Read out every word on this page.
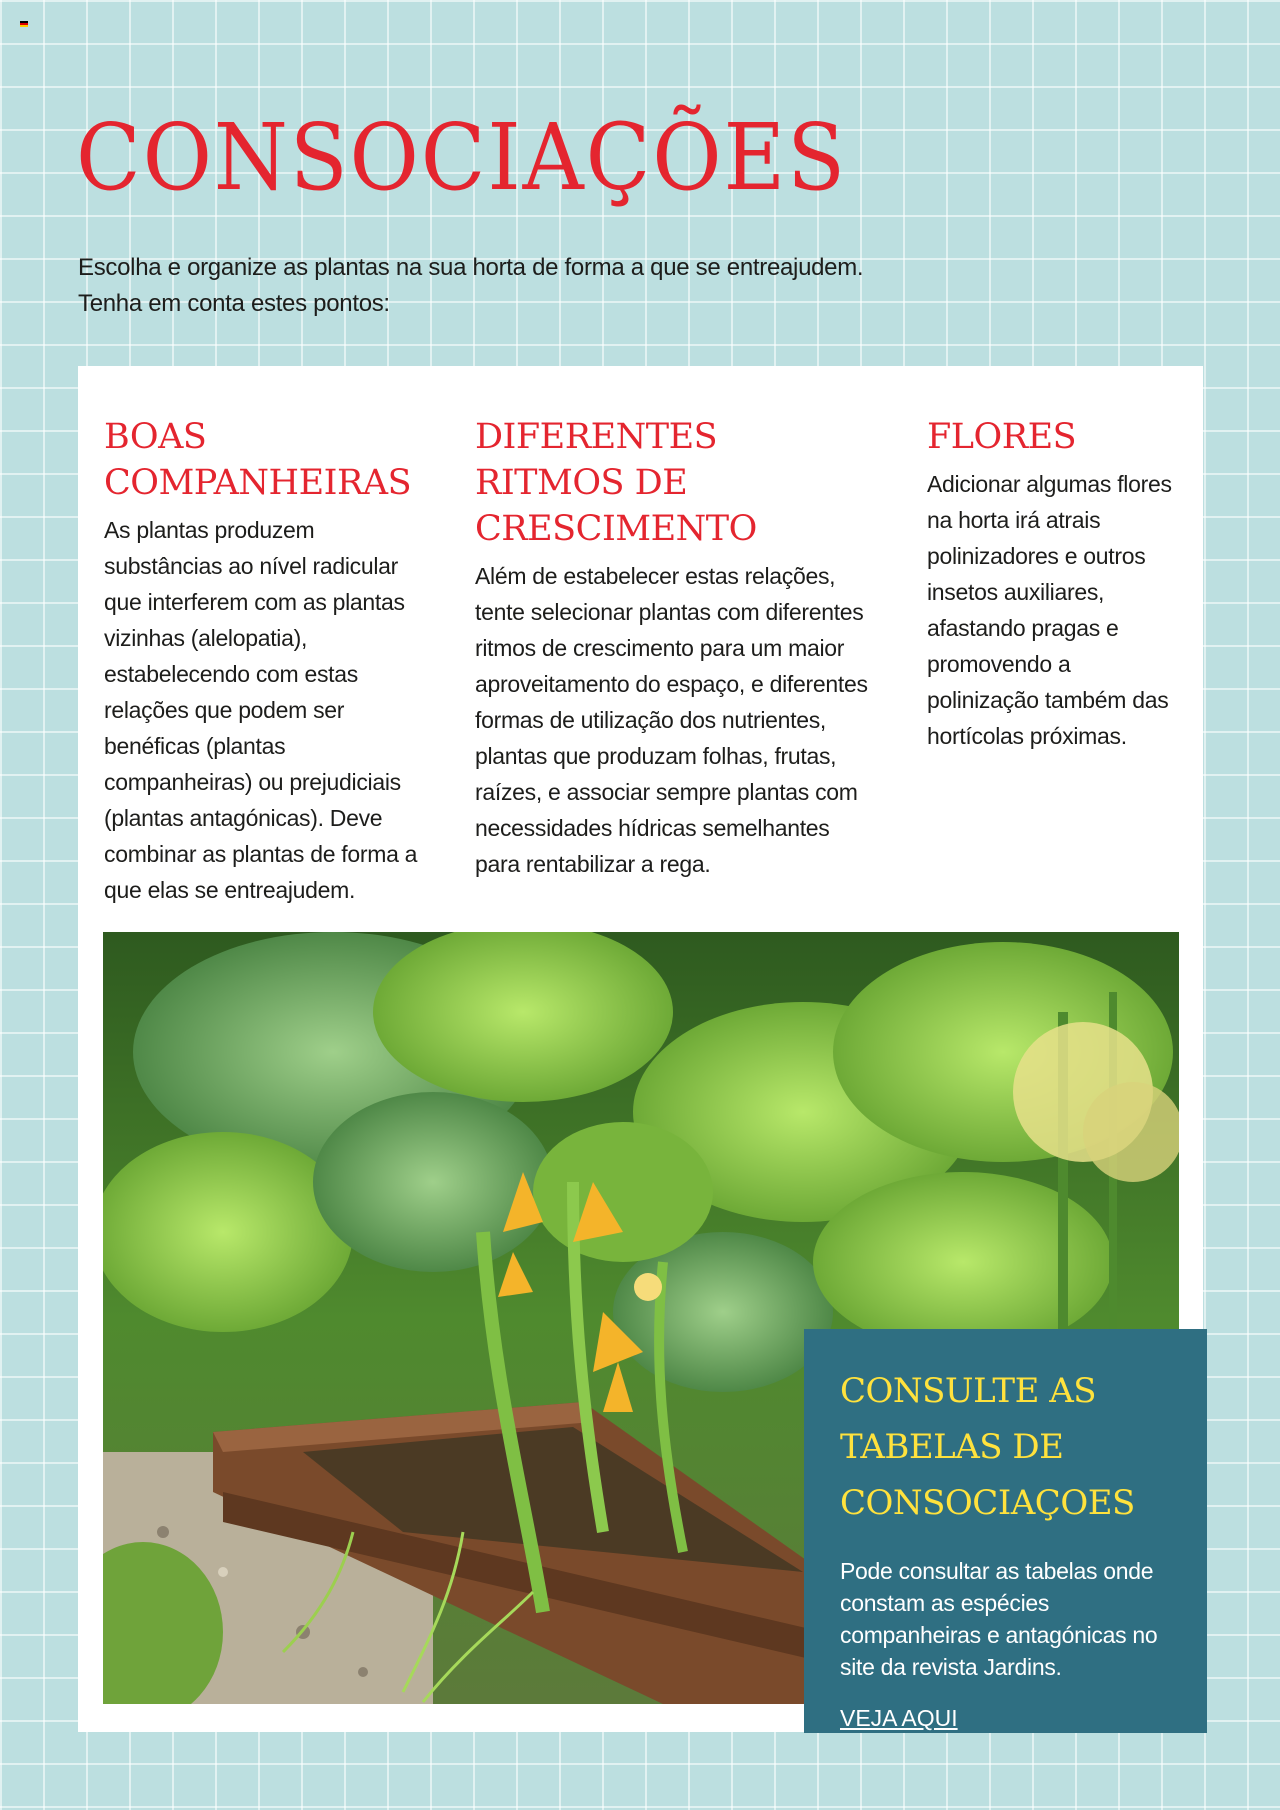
CONSOCIAÇÕES

Escolha e organize as plantas na sua horta de forma a que se entreajudem.
Tenha em conta estes pontos:

BOAS COMPANHEIRAS

As plantas produzem substâncias ao nível radicular que interferem com as plantas vizinhas (alelopatia), estabelecendo com estas relações que podem ser benéficas (plantas companheiras) ou prejudiciais (plantas antagónicas). Deve combinar as plantas de forma a que elas se entreajudem.

DIFERENTES RITMOS DE CRESCIMENTO

Além de estabelecer estas relações, tente selecionar plantas com diferentes ritmos de crescimento para um maior aproveitamento do espaço, e diferentes formas de utilização dos nutrientes, plantas que produzam folhas, frutas, raízes, e associar sempre plantas com necessidades hídricas semelhantes para rentabilizar a rega.

FLORES

Adicionar algumas flores na horta irá atrais polinizadores e outros insetos auxiliares, afastando pragas e promovendo a polinização também das hortícolas próximas.

CONSULTE AS TABELAS DE CONSOCIAÇOES

Pode consultar as tabelas onde constam as espécies companheiras e antagónicas no site da revista Jardins.

VEJA AQUI
